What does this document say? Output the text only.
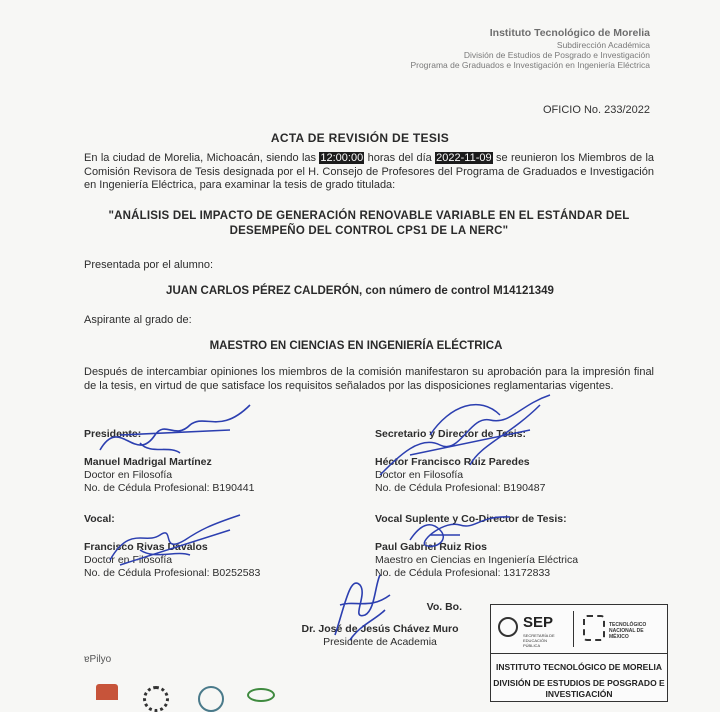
Instituto Tecnológico de Morelia
Subdirección Académica
División de Estudios de Posgrado e Investigación
Programa de Graduados e Investigación en Ingeniería Eléctrica
OFICIO No. 233/2022
ACTA DE REVISIÓN DE TESIS
En la ciudad de Morelia, Michoacán, siendo las 12:00:00 horas del día 2022-11-09 se reunieron los Miembros de la Comisión Revisora de Tesis designada por el H. Consejo de Profesores del Programa de Graduados e Investigación en Ingeniería Eléctrica, para examinar la tesis de grado titulada:
"ANÁLISIS DEL IMPACTO DE GENERACIÓN RENOVABLE VARIABLE EN EL ESTÁNDAR DEL DESEMPEÑO DEL CONTROL CPS1 DE LA NERC"
Presentada por el alumno:
JUAN CARLOS PÉREZ CALDERÓN, con número de control M14121349
Aspirante al grado de:
MAESTRO EN CIENCIAS EN INGENIERÍA ELÉCTRICA
Después de intercambiar opiniones los miembros de la comisión manifestaron su aprobación para la impresión final de la tesis, en virtud de que satisface los requisitos señalados por las disposiciones reglamentarias vigentes.
Presidente:
Manuel Madrigal Martínez
Doctor en Filosofía
No. de Cédula Profesional: B190441
Secretario y Director de Tesis:
Héctor Francisco Ruiz Paredes
Doctor en Filosofía
No. de Cédula Profesional: B190487
Vocal:
Francisco Rivas Dávalos
Doctor en Filosofía
No. de Cédula Profesional: B0252583
Vocal Suplente y Co-Director de Tesis:
Paul Gabriel Ruiz Rios
Maestro en Ciencias en Ingeniería Eléctrica
No. de Cédula Profesional: 13172833
Vo. Bo.
Dr. José de Jesús Chávez Muro
Presidente de Academia
ɐPilyo
SEP
SECRETARÍA DE EDUCACIÓN PÚBLICA
TECNOLÓGICO NACIONAL DE MÉXICO
INSTITUTO TECNOLÓGICO DE MORELIA
DIVISIÓN DE ESTUDIOS DE POSGRADO E INVESTIGACIÓN
